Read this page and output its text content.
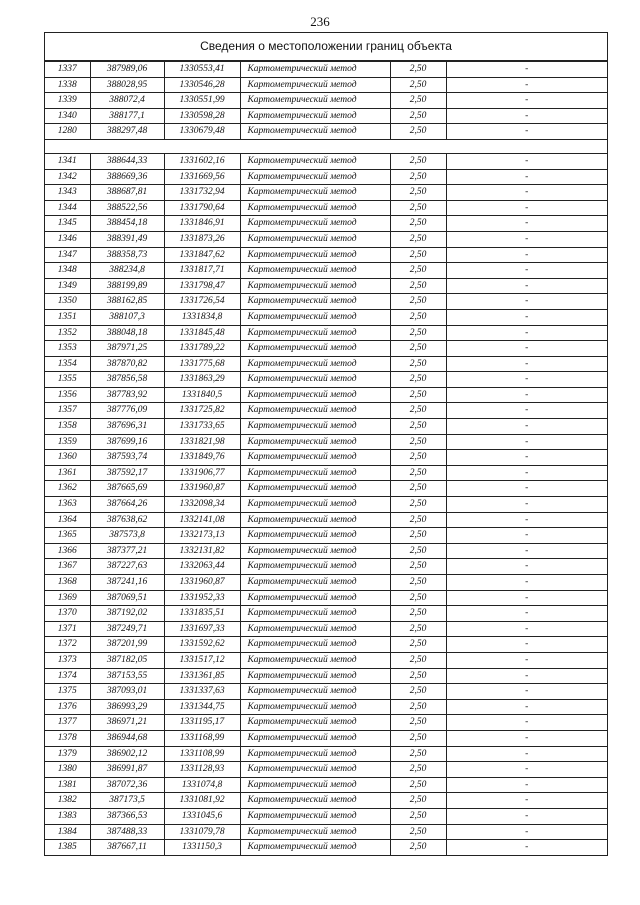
236
Сведения о местоположении границ объекта
1337	387989,06	1330553,41	Картометрический метод	2,50	-
1338	388028,95	1330546,28	Картометрический метод	2,50	-
1339	388072,4	1330551,99	Картометрический метод	2,50	-
1340	388177,1	1330598,28	Картометрический метод	2,50	-
1280	388297,48	1330679,48	Картометрический метод	2,50	-

1341	388644,33	1331602,16	Картометрический метод	2,50	-
1342	388669,36	1331669,56	Картометрический метод	2,50	-
1343	388687,81	1331732,94	Картометрический метод	2,50	-
1344	388522,56	1331790,64	Картометрический метод	2,50	-
1345	388454,18	1331846,91	Картометрический метод	2,50	-
1346	388391,49	1331873,26	Картометрический метод	2,50	-
1347	388358,73	1331847,62	Картометрический метод	2,50	-
1348	388234,8	1331817,71	Картометрический метод	2,50	-
1349	388199,89	1331798,47	Картометрический метод	2,50	-
1350	388162,85	1331726,54	Картометрический метод	2,50	-
1351	388107,3	1331834,8	Картометрический метод	2,50	-
1352	388048,18	1331845,48	Картометрический метод	2,50	-
1353	387971,25	1331789,22	Картометрический метод	2,50	-
1354	387870,82	1331775,68	Картометрический метод	2,50	-
1355	387856,58	1331863,29	Картометрический метод	2,50	-
1356	387783,92	1331840,5	Картометрический метод	2,50	-
1357	387776,09	1331725,82	Картометрический метод	2,50	-
1358	387696,31	1331733,65	Картометрический метод	2,50	-
1359	387699,16	1331821,98	Картометрический метод	2,50	-
1360	387593,74	1331849,76	Картометрический метод	2,50	-
1361	387592,17	1331906,77	Картометрический метод	2,50	-
1362	387665,69	1331960,87	Картометрический метод	2,50	-
1363	387664,26	1332098,34	Картометрический метод	2,50	-
1364	387638,62	1332141,08	Картометрический метод	2,50	-
1365	387573,8	1332173,13	Картометрический метод	2,50	-
1366	387377,21	1332131,82	Картометрический метод	2,50	-
1367	387227,63	1332063,44	Картометрический метод	2,50	-
1368	387241,16	1331960,87	Картометрический метод	2,50	-
1369	387069,51	1331952,33	Картометрический метод	2,50	-
1370	387192,02	1331835,51	Картометрический метод	2,50	-
1371	387249,71	1331697,33	Картометрический метод	2,50	-
1372	387201,99	1331592,62	Картометрический метод	2,50	-
1373	387182,05	1331517,12	Картометрический метод	2,50	-
1374	387153,55	1331361,85	Картометрический метод	2,50	-
1375	387093,01	1331337,63	Картометрический метод	2,50	-
1376	386993,29	1331344,75	Картометрический метод	2,50	-
1377	386971,21	1331195,17	Картометрический метод	2,50	-
1378	386944,68	1331168,99	Картометрический метод	2,50	-
1379	386902,12	1331108,99	Картометрический метод	2,50	-
1380	386991,87	1331128,93	Картометрический метод	2,50	-
1381	387072,36	1331074,8	Картометрический метод	2,50	-
1382	387173,5	1331081,92	Картометрический метод	2,50	-
1383	387366,53	1331045,6	Картометрический метод	2,50	-
1384	387488,33	1331079,78	Картометрический метод	2,50	-
1385	387667,11	1331150,3	Картометрический метод	2,50	-
